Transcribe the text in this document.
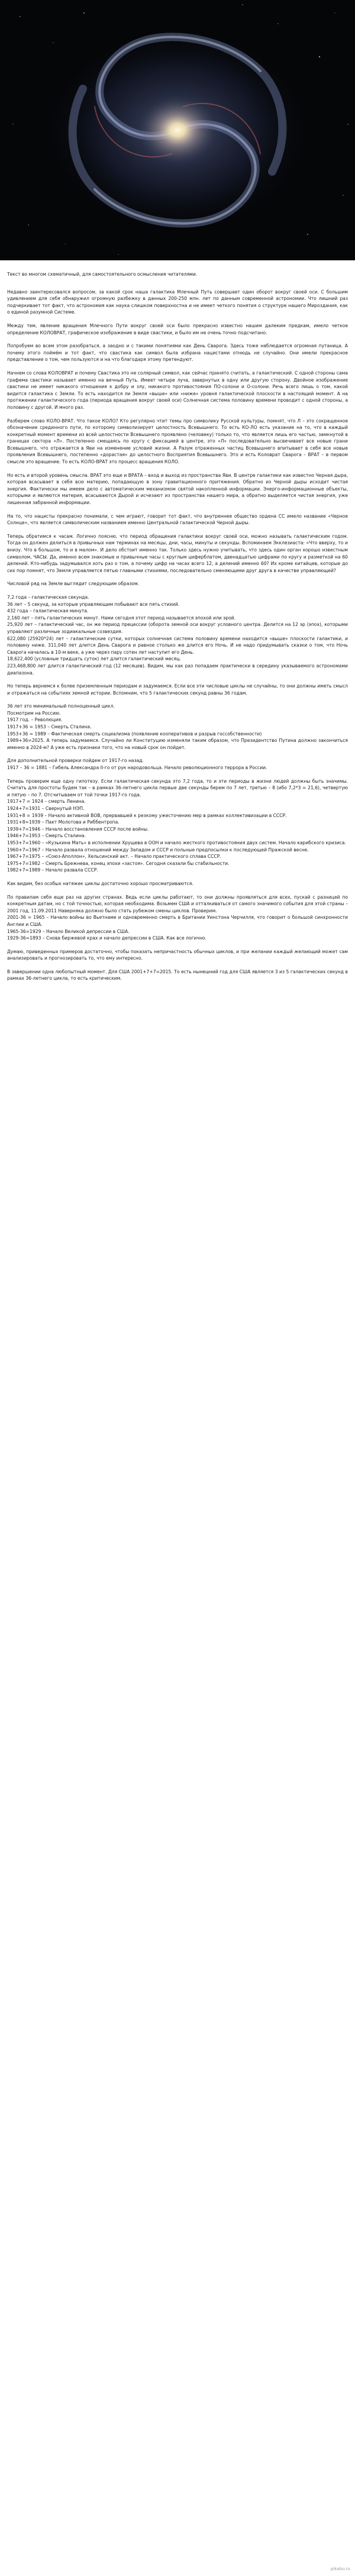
Текст во многом схематичный, для самостоятельного осмысления читателями.

Недавно заинтересовался вопросом, за какой срок наша галактика Млечный Путь совершает один оборот вокруг своей оси. С большим удивлением для себя обнаружил огромную разбежку в данных 200-250 млн. лет по данным современной астрономии. Что лишний раз подчеркивает тот факт, что астрономия как наука слишком поверхностна и не имеет четкого понятия о структуре нашего Мироздания, как о единой разумной Системе.

Между тем, явление вращения Млечного Пути вокруг своей оси было прекрасно известно нашим далеким предкам, имело четкое определение КОЛОВРАТ, графическое изображение в виде свастики, и было им не очень точно подсчитано.

Попробуем во всем этом разобраться, а заодно и с такими понятиями как День Сварога. Здесь тоже наблюдается огромная путаница. А почему этого поймём и тот факт, что свастика как символ была избрана нацистами отнюдь не случайно. Они имели прекрасное представление о том, чем пользуются и на что благодаря этому претендуют.

Начнем со слова КОЛОВРАТ и почему Свастика это не солярный символ, как сейчас принято считать, а галактический. С одной стороны сама графема свастики называет именно на вечный Путь. Имеет четыре луча, завернутых в одну или другую сторону. Двойное изображение свастики не имеет никакого отношения к добру и злу, никакого противостояния ПО-солони и О-солони. Речь всего лишь о том, какой видится галактика с Земли. То есть находится ли Земля «выше» или «ниже» уровня галактической плоскости в настоящий момент. А на протяжении галактического года (периода вращения вокруг своей оси) Солнечная система половину времени проводит с одной стороны, а половину с другой. И много раз.

Разберем слово КОЛО-ВРАТ. Что такое КОЛО? Кто регулярно чтит темы про символику Русской культуры, помнят, что Л – это сокращенное обозначение срединного пути, по которому символизирует целостность Всевышнего. То есть КО-ЛО есть указание на то, что в каждый конкретный момент времени из всей целостности Всевышнего проявлено (человеку) только то, что является лишь его частью, замкнутой в границах сектора «Л». Постепенно смещаясь по кругу с фиксацией в центре, это «Л» последовательно высвечивает все новые грани Всевышнего, что отражается в Яви на изменение условий жизни. А Разум отраженных частиц Всевышнего впитывает в себя все новые проявления Всевышнего, постепенно «дорастая» до целостного Восприятия Всевышнего. Это и есть Коловрат Сварога – ВРАТ – в первом смысле это вращение. То есть КОЛО-ВРАТ это процесс вращения КОЛО.

Но есть и второй уровень смысла. ВРАТ это еще и ВРАТА – вход и выход из пространства Яви. В центре галактики как известно Черная дыра, которая всасывает в себя всю материю, попадающую в зону гравитационного притяжения. Обратно из Черной дыры исходит чистая энергия. Фактически мы имеем дело с автоматическим механизмом святой накопленной информации. Энерго-информационные объекты, которыми и являются материя, всасываются Дырой и исчезают из пространства нашего мира, а обратно выделяется чистая энергия, уже лишенная забранной информации.

На то, что нацисты прекрасно понимали, с чем играют, говорит тот факт, что внутреннее общество ордена СС имело название «Черное Солнце», что является символическим названием именно Центральной галактической Черной дыры.

Теперь обратимся к часам. Логично поясню, что период обращения галактики вокруг своей оси, можно называть галактическим годом. Тогда он должен делиться в привычных нам терминах на месяцы, дни, часы, минуты и секунды. Вспоминаем Экклезиаста: «Что вверху, то и внизу. Что в большом, то и в малом». И дело обстоит именно так. Только здесь нужно учитывать, что здесь один орган хорошо известным символом, ЧАСЫ. Да, именно всем знакомые и привычные часы с круглым циферблатом, двенадцатью цифрами по кругу и разметкой на 60 делений. Кто-нибудь задумывался хоть раз о том, а почему цифр на часах всего 12, а делений именно 60? Их кроме китайцев, которые до сих пор помнят, что Земля управляется пятью главными стихиями, последовательно сменяющими друг друга в качестве управляющей?

Числовой ряд на Земле выглядит следующим образом.

7,2 года – галактическая секунда.
36 лет – 5 секунд, за которые управляющим побывают все пять стихий.
432 года – галактическая минута.
2,160 лет – пять галактических минут. Нами сегодня этот период называется эпохой или эрой.
25,920 лет – галактический час, он же период прецессии (оборота земной оси вокруг условного центра. Делится на 12 эр (эпох), которыми управляют различные зодиакальные созвездия.
622,080 (25920*24) лет – галактические сутки, которых солнечная система половину времени находится «выше» плоскости галактики, и половину ниже. 311,040 лет длится День Сварога и равное столько же длится его Ночь. И не надо придумывать сказки о том, что Ночь Сварога началась в 10-м веке, а уже через пару сотен лет наступит его День.
18,622,400 (условные тридцать суток) лет длится галактический месяц.
223,468,800 лет длится галактический год (12 месяцев). Видим, мы как раз попадаем практически в середину указываемого астрономами диапазона.

Но теперь вернемся к более приземленным периодам и задумаемся. Если все эти числовые циклы не случайны, то они должны иметь смысл и отражаться на событиях земной истории. Вспомним, что 5 галактических секунд равны 36 годам.

36 лет это минимальный полноценный цикл.
Посмотрим на Россию.
1917 год. – Революция.
1917+36 = 1953 – Смерть Сталина.
1953+36 = 1989 – Фактическая смерть социализма (появление кооперативов и разрыв госсобственности)
1989+36=2025. А теперь задумаемся. Случайно ли Конституцию изменяли таким образом, что Президентство Путина должно закончиться именно в 2024-м? А уже есть признаки того, что на новый срок он пойдет.

Для дополнительной проверки пойдем от 1917-го назад.
1917 – 36 = 1881 – Гибель Александра II-го от рук народовольца. Начало революционного террора в России.

Теперь проверим еще одну гипотезу. Если галактическая секунда это 7,2 года, то и эти периоды в жизни людей должны быть значимы. Считать для простоты будем так – в рамках 36-летнего цикла первые две секунды берем по 7 лет, третью – 8 (ибо 7,2*3 = 21,6), четвертую и пятую – по 7. Отсчитываем от той точки 1917-го года.
1917+7 = 1924 – смерть Ленина.
1924+7=1931 – Свернутый НЭП.
1931+8 = 1939 – Начало активной ВОВ, прервавшей к резкому ужесточению мер в рамках коллективизации в СССР.
1931+8=1939 – Пакт Молотова и Риббентропа.
1939+7=1946 – Начало восстановления СССР после войны.
1946+7=1953 – Смерть Сталина.
1953+7=1960 – «Кузькина Мать» в исполнении Хрущева в ООН и начало жесткого противостояния двух систем. Начало карибского кризиса.
1960+7=1967 – Начало развала отношений между Западом и СССР и польные предпосылки к последующей Пражской весне.
1967+7=1975 – «Союз-Аполлон», Хельсинский акт. – Начало практического сплава СССР.
1975+7=1982 – Смерть Брежнева, конец эпохи «застоя». Сегодня сказали бы стабильности.
1982+7=1989 – Начало развала СССР.

Как видим, без особых натяжек циклы достаточно хорошо просматриваются.

По правилам себя еще раз на других странах. Ведь если циклы работают, то они должны проявляться для всех, пускай с разницей по конкретным датам, но с той точностью, которая необходима. Возьмем США и отталкиваться от самого значимого события для этой страны – 2001 год, 11.09.2011 Наверняка должно было стать рубежом смены циклов. Проверим.
2001-36 = 1965 – Начало войны во Вьетнаме и одновременно смерть в Британии Уинстона Черчилля, что говорит о большой синхронности Англии и США.
1965-36=1929 – Начало Великой депрессии в США.
1929-36=1893 – Снова биржевой крах и начало депрессии в США. Как все логично.

Думаю, приведенных примеров достаточно, чтобы показать непричастность обычных циклов, и при желании каждый желающий может сам анализировать и прогнозировать то, что ему интересно.

В завершении одна любопытный момент. Для США 2001+7+7=2015. То есть нынешний год для США является 3 из 5 галактических секунд в рамках 36-летнего цикла, то есть критическим.

pikabu.ru
